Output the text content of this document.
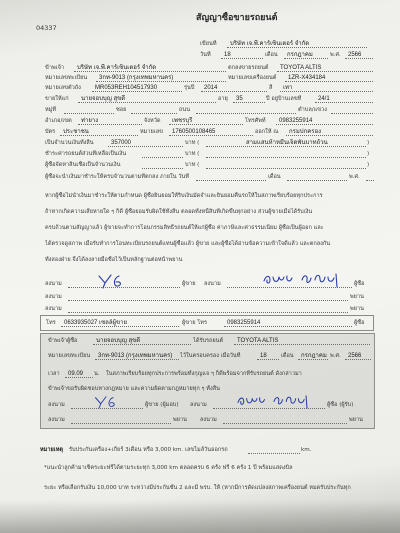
04337
สัญญาซื้อขายรถยนต์
เขียนที่	บริษัท เจ.พี.คาร์เซ็นเตอร์ จำกัด
วันที่	18	เดือน	กรกฎาคม	พ.ศ.	2566
ข้าพเจ้า	บริษัท เจ.พี.คาร์เซ็นเตอร์ จำกัด	ตกลงขายรถยนต์	TOYOTA ALTIS
หมายเลขทะเบียน	3กท-9013 (กรุงเทพมหานคร)	หมายเลขเครื่องยนต์	1ZR-X434184
หมายเลขตัวถัง	MR053REH104517930	รุ่นปี	2014	สี	เทา
ขายให้แก่	นายจอบบุญ สุขดี	อายุ	35	ปี อยู่บ้านเลขที่	24/1
หมู่ที่	ซอย	ถนน	ตำบล/แขวง
อำเภอ/เขต	ท่ายาง	จังหวัด	เพชรบุรี	โทรศัพท์	0983255914
บัตร	ประชาชน	หมายเลข	1760500108465	ออกให้ ณ	กรมปกครอง
เป็นจำนวนเงินทั้งสิ้น	357000	บาท (	สามแสนห้าหมื่นเจ็ดพันบาทถ้วน	)
ชำระค่ารถยนต์ส่วนที่เหลือเป็นเงิน	บาท (	)
ผู้ซื้อจัดหาสินเชื่อเป็นจำนวนเงิน	บาท (	)
ผู้ซื้อจะนำเงินมาชำระให้ครบจำนวนตามที่ตกลง ภายใน วันที่	เดือน	พ.ศ.
หากผู้ซื้อไม่นำเงินมาชำระให้ตามกำหนด ผู้ซื้อยินยอมให้ริบเงินมัดจำและยินยอมคืนรถให้ในสภาพเรียบร้อยทุกประการ
ถ้าหากเกิดความเสียหายใด ๆ ก็ดี ผู้ซื้อยอมรับผิดใช้ทั้งสิ้น ตลอดทั้งหนี้สินที่เกิดขึ้นทุกอย่าง ส่วนผู้ขายเมื่อได้รับเงิน
ครบถ้วนตามสัญญาแล้ว ผู้ขายจะทำการโอนกรรมสิทธิ์รถยนต์ให้แก่ผู้ซื้อ ค่าภาษีและค่าธรรมเนียม ผู้ซื้อเป็นผู้ออก และ
ได้ตรวจดูสภาพ เมื่อรับทำการโอนทะเบียนรถยนต์แทนผู้ซื้อแล้ว ผู้ขาย และผู้ซื้อได้อ่านข้อความเข้าใจดีแล้ว และตกลงกัน
ทั้งสองฝ่าย จึงได้ลงลายมือชื่อไว้เป็นหลักฐานต่อหน้าพยาน
ลงนาม	ผู้ขาย	ลงนาม	ผู้ซื้อ
ลงนาม	พยาน
ลงนาม	พยาน
โทร	0633935027 เซลล์ผู้ขาย	ผู้ขาย โทร	0983255914	ผู้ซื้อ
ข้าพเจ้าผู้ซื้อ	นายจอบบุญ สุขดี	ได้รับรถยนต์	TOYOTA ALTIS
หมายเลขทะเบียน	3กท-9013 (กรุงเทพมหานคร)	ไว้ในครอบครอง เมื่อวันที่	18	เดือน	กรกฎาคม พ.ศ.	2566
เวลา	09.09	น.	ในสภาพเรียบร้อยทุกประการพร้อมทั้งกุญแจ ๆ ก็ดีพร้อมจากที่รับรถยนต์ ดังกล่าวมา
ข้าพเจ้าขอรับผิดชอบทางกฎหมาย และความผิดตามกฎหมายทุก ๆ ทั้งสิ้น
ลงนาม	ผู้ขาย (ผู้มอบ)	ลงนาม	ผู้ซื้อ (ผู้รับ)
ลงนาม	พยาน	ลงนาม	พยาน
หมายเหตุ	รับประกันเครื่อง+เกียร์ 3เดือน หรือ 3,000 km. เลขไมล์วันออกรถ	km.
*แนะนำลูกค้ามาเช็คระยะฟรีได้ตามระยะทุก 3,000 km ตลอดครบ 6 ครั้ง ฟรี 6 ครั้ง 1 ปี พร้อมแสดงบิล
ระยะ หรือเลือกรับเงิน 10,000 บาท ระหว่างมีประกันชั้น 2 และมี พรบ. ให้ (หากมีการดัดแปลงสภาพเครื่องยนต์ หมดรับประกันทุก
